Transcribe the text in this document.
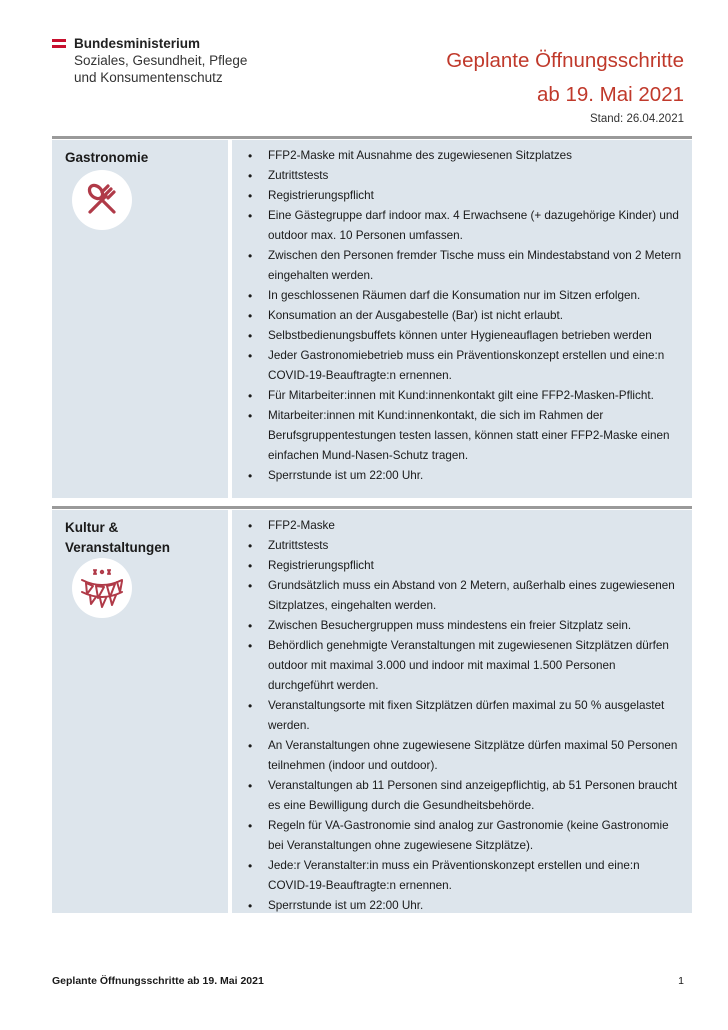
Bundesministerium
Soziales, Gesundheit, Pflege
und Konsumentenschutz
Geplante Öffnungsschritte
ab 19. Mai 2021
Stand: 26.04.2021
Gastronomie
•	FFP2-Maske mit Ausnahme des zugewiesenen Sitzplatzes
• Zutrittstests
• Registrierungspflicht
• Eine Gästegruppe darf indoor max. 4 Erwachsene (+ dazugehörige Kinder) und outdoor max. 10 Personen umfassen.
• Zwischen den Personen fremder Tische muss ein Mindestabstand von 2 Metern eingehalten werden.
• In geschlossenen Räumen darf die Konsumation nur im Sitzen erfolgen.
• Konsumation an der Ausgabestelle (Bar) ist nicht erlaubt.
• Selbstbedienungsbuffets können unter Hygieneauflagen betrieben werden
• Jeder Gastronomiebetrieb muss ein Präventionskonzept erstellen und eine:n COVID-19-Beauftragte:n ernennen.
• Für Mitarbeiter:innen mit Kund:innenkontakt gilt eine FFP2-Masken-Pflicht.
• Mitarbeiter:innen mit Kund:innenkontakt, die sich im Rahmen der Berufsgruppentestungen testen lassen, können statt einer FFP2-Maske einen einfachen Mund-Nasen-Schutz tragen.
• Sperrstunde ist um 22:00 Uhr.
Kultur &
Veranstaltungen
• FFP2-Maske
• Zutrittstests
• Registrierungspflicht
• Grundsätzlich muss ein Abstand von 2 Metern, außerhalb eines zugewiesenen Sitzplatzes, eingehalten werden.
• Zwischen Besuchergruppen muss mindestens ein freier Sitzplatz sein.
• Behördlich genehmigte Veranstaltungen mit zugewiesenen Sitzplätzen dürfen outdoor mit maximal 3.000 und indoor mit maximal 1.500 Personen durchgeführt werden.
• Veranstaltungsorte mit fixen Sitzplätzen dürfen maximal zu 50 % ausgelastet werden.
• An Veranstaltungen ohne zugewiesene Sitzplätze dürfen maximal 50 Personen teilnehmen (indoor und outdoor).
• Veranstaltungen ab 11 Personen sind anzeigepflichtig, ab 51 Personen braucht es eine Bewilligung durch die Gesundheitsbehörde.
• Regeln für VA-Gastronomie sind analog zur Gastronomie (keine Gastronomie bei Veranstaltungen ohne zugewiesene Sitzplätze).
• Jede:r Veranstalter:in muss ein Präventionskonzept erstellen und eine:n COVID-19-Beauftragte:n ernennen.
• Sperrstunde ist um 22:00 Uhr.
Geplante Öffnungsschritte ab 19. Mai 2021	1
